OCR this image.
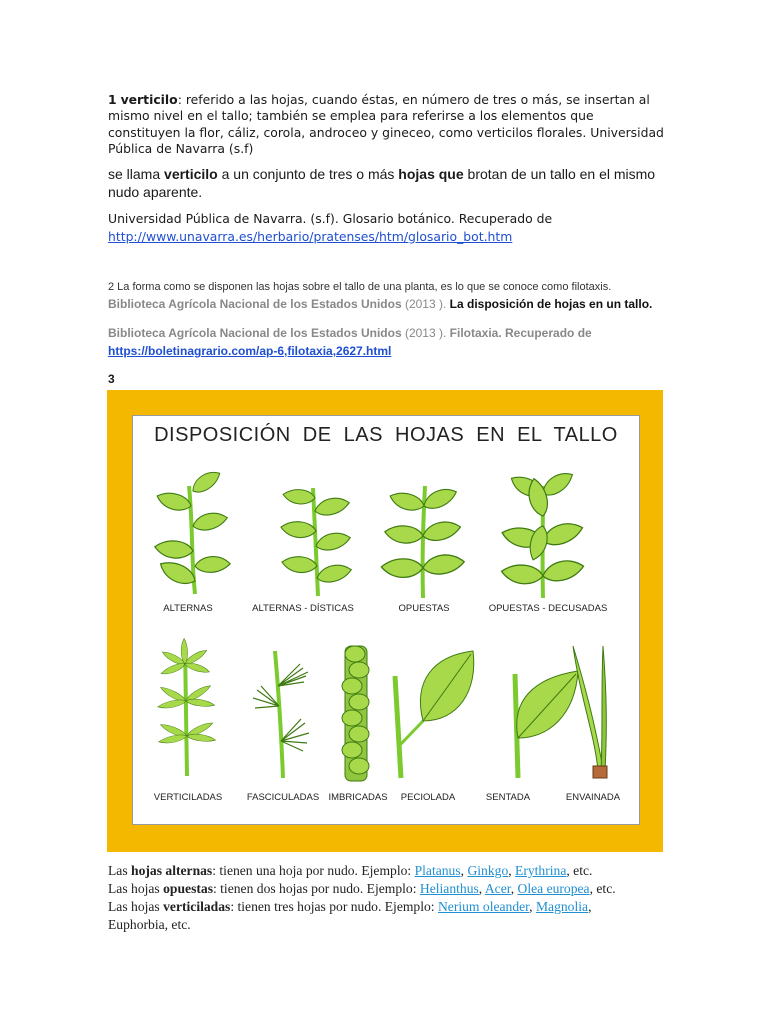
1 verticilo: referido a las hojas, cuando éstas, en número de tres o más, se insertan al mismo nivel en el tallo; también se emplea para referirse a los elementos que constituyen la flor, cáliz, corola, androceo y gineceo, como verticilos florales. Universidad Pública de Navarra (s.f)
se llama verticilo a un conjunto de tres o más hojas que brotan de un tallo en el mismo nudo aparente.
Universidad Pública de Navarra. (s.f). Glosario botánico. Recuperado de
http://www.unavarra.es/herbario/pratenses/htm/glosario_bot.htm
2 La forma como se disponen las hojas sobre el tallo de una planta, es lo que se conoce como filotaxis.
Biblioteca Agrícola Nacional de los Estados Unidos (2013 ). La disposición de hojas en un tallo.
Biblioteca Agrícola Nacional de los Estados Unidos (2013 ). Filotaxia. Recuperado de
https://boletinagrario.com/ap-6,filotaxia,2627.html
3
DISPOSICIÓN DE LAS HOJAS EN EL TALLO
ALTERNAS	ALTERNAS - DÍSTICAS	OPUESTAS	OPUESTAS - DECUSADAS
VERTICILADAS	FASCICULADAS IMBRICADAS	PECIOLADA	SENTADA	ENVAINADA
Las hojas alternas: tienen una hoja por nudo. Ejemplo: Platanus, Ginkgo, Erythrina, etc.
Las hojas opuestas: tienen dos hojas por nudo. Ejemplo: Helianthus, Acer, Olea europea, etc.
Las hojas verticiladas: tienen tres hojas por nudo. Ejemplo: Nerium oleander, Magnolia,
Euphorbia, etc.
